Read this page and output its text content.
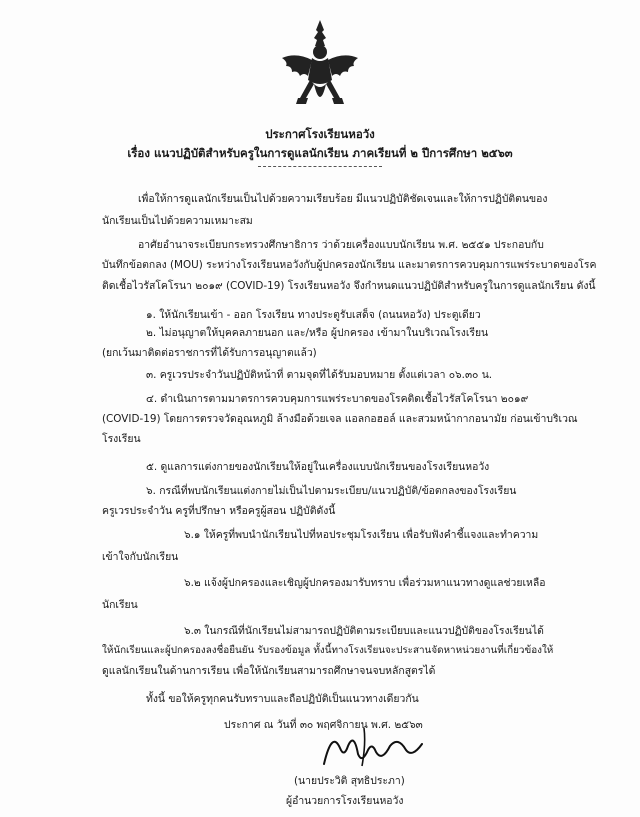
ประกาศโรงเรียนหอวัง
เรื่อง แนวปฏิบัติสำหรับครูในการดูแลนักเรียน ภาคเรียนที่ ๒ ปีการศึกษา ๒๕๖๓
เพื่อให้การดูแลนักเรียนเป็นไปด้วยความเรียบร้อย มีแนวปฏิบัติชัดเจนและให้การปฏิบัติตนของ
นักเรียนเป็นไปด้วยความเหมาะสม
อาศัยอำนาจระเบียบกระทรวงศึกษาธิการ ว่าด้วยเครื่องแบบนักเรียน พ.ศ. ๒๕๕๑ ประกอบกับ
บันทึกข้อตกลง (MOU) ระหว่างโรงเรียนหอวังกับผู้ปกครองนักเรียน และมาตรการควบคุมการแพร่ระบาดของโรค
ติดเชื้อไวรัสโคโรนา ๒๐๑๙ (COVID-19) โรงเรียนหอวัง จึงกำหนดแนวปฏิบัติสำหรับครูในการดูแลนักเรียน ดังนี้
๑. ให้นักเรียนเข้า - ออก โรงเรียน ทางประตูรับเสด็จ (ถนนหอวัง) ประตูเดียว
๒. ไม่อนุญาตให้บุคคลภายนอก และ/หรือ ผู้ปกครอง เข้ามาในบริเวณโรงเรียน
(ยกเว้นมาติดต่อราชการที่ได้รับการอนุญาตแล้ว)
๓. ครูเวรประจำวันปฏิบัติหน้าที่ ตามจุดที่ได้รับมอบหมาย ตั้งแต่เวลา ๐๖.๓๐ น.
๔. ดำเนินการตามมาตรการควบคุมการแพร่ระบาดของโรคติดเชื้อไวรัสโคโรนา ๒๐๑๙
(COVID-19) โดยการตรวจวัดอุณหภูมิ ล้างมือด้วยเจล แอลกอฮอล์ และสวมหน้ากากอนามัย ก่อนเข้าบริเวณ
โรงเรียน
๕. ดูแลการแต่งกายของนักเรียนให้อยู่ในเครื่องแบบนักเรียนของโรงเรียนหอวัง
๖. กรณีที่พบนักเรียนแต่งกายไม่เป็นไปตามระเบียบ/แนวปฏิบัติ/ข้อตกลงของโรงเรียน
ครูเวรประจำวัน ครูที่ปรึกษา หรือครูผู้สอน ปฏิบัติดังนี้
๖.๑ ให้ครูที่พบนำนักเรียนไปที่หอประชุมโรงเรียน เพื่อรับฟังคำชี้แจงและทำความ
เข้าใจกับนักเรียน
๖.๒ แจ้งผู้ปกครองและเชิญผู้ปกครองมารับทราบ เพื่อร่วมหาแนวทางดูแลช่วยเหลือ
นักเรียน
๖.๓ ในกรณีที่นักเรียนไม่สามารถปฏิบัติตามระเบียบและแนวปฏิบัติของโรงเรียนได้
ให้นักเรียนและผู้ปกครองลงชื่อยืนยัน รับรองข้อมูล ทั้งนี้ทางโรงเรียนจะประสานจัดหาหน่วยงานที่เกี่ยวข้องให้
ดูแลนักเรียนในด้านการเรียน เพื่อให้นักเรียนสามารถศึกษาจนจบหลักสูตรได้
ทั้งนี้ ขอให้ครูทุกคนรับทราบและถือปฏิบัติเป็นแนวทางเดียวกัน
ประกาศ ณ วันที่ ๓๐ พฤศจิกายน พ.ศ. ๒๕๖๓
(นายประวิติ สุทธิประภา)
ผู้อำนวยการโรงเรียนหอวัง
